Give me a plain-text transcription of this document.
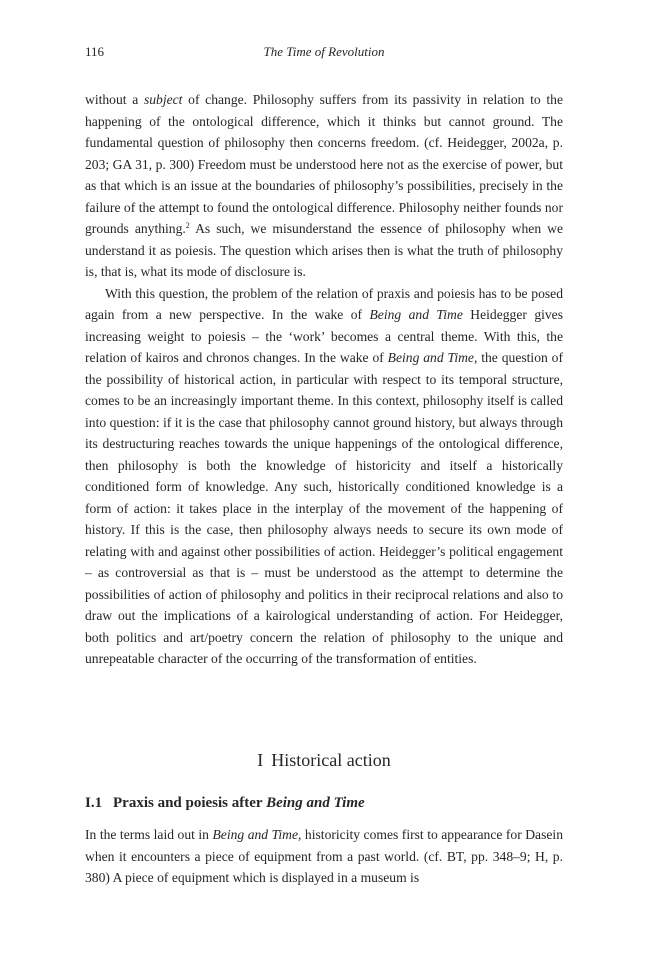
116	The Time of Revolution

without a subject of change. Philosophy suffers from its passivity in relation to the happening of the ontological difference, which it thinks but cannot ground. The fundamental question of philosophy then concerns freedom. (cf. Heidegger, 2002a, p. 203; GA 31, p. 300) Freedom must be understood here not as the exercise of power, but as that which is an issue at the boundaries of philosophy’s possibilities, precisely in the failure of the attempt to found the ontological difference. Philosophy neither founds nor grounds anything.$^2$ As such, we misunderstand the essence of philosophy when we understand it as poiesis. The question which arises then is what the truth of philosophy is, that is, what its mode of disclosure is.

With this question, the problem of the relation of praxis and poiesis has to be posed again from a new perspective. In the wake of Being and Time Heidegger gives increasing weight to poiesis – the ‘work’ becomes a central theme. With this, the relation of kairos and chronos changes. In the wake of Being and Time, the question of the possibility of historical action, in particular with respect to its temporal structure, comes to be an increasingly important theme. In this context, philosophy itself is called into question: if it is the case that philosophy cannot ground history, but always through its destructuring reaches towards the unique happenings of the ontological difference, then philosophy is both the knowledge of historicity and itself a historically conditioned form of knowledge. Any such, historically conditioned knowledge is a form of action: it takes place in the interplay of the movement of the happening of history. If this is the case, then philosophy always needs to secure its own mode of relating with and against other possibilities of action. Heidegger’s political engagement – as controversial as that is – must be understood as the attempt to determine the possibilities of action of philosophy and politics in their reciprocal relations and also to draw out the implications of a kairological understanding of action. For Heidegger, both politics and art/poetry concern the relation of philosophy to the unique and unrepeatable character of the occurring of the transformation of entities.

I Historical action
I.1 Praxis and poiesis after Being and Time

In the terms laid out in Being and Time, historicity comes first to appearance for Dasein when it encounters a piece of equipment from a past world. (cf. BT, pp. 348–9; H, p. 380) A piece of equipment which is displayed in a museum is
